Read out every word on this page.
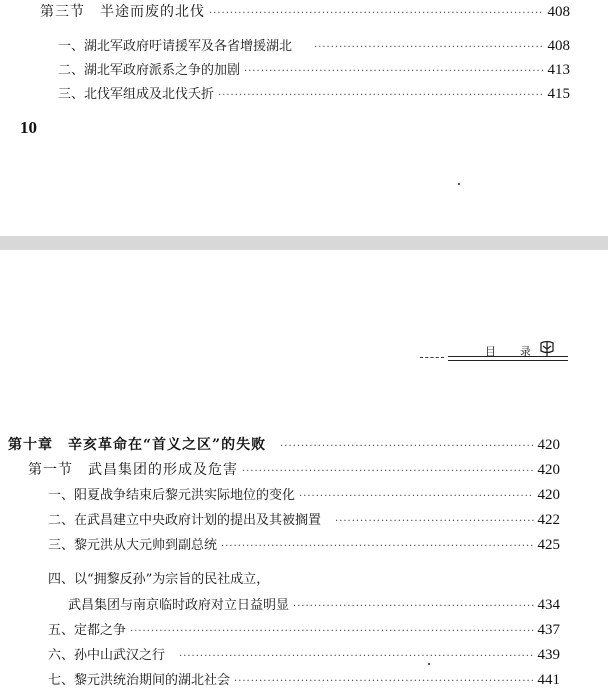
第三节　半途而废的北伐 ·····	408
一、湖北军政府吁请援军及各省增援湖北 ·····	408
二、湖北军政府派系之争的加剧 ·····	413
三、北伐军组成及北伐夭折 ·····	415
10
目 录
第十章　辛亥革命在“首义之区”的失败 ·····	420
第一节　武昌集团的形成及危害 ·····	420
一、阳夏战争结束后黎元洪实际地位的变化 ·····	420
二、在武昌建立中央政府计划的提出及其被搁置 ·····	422
三、黎元洪从大元帅到副总统 ·····	425
四、以“拥黎反孙”为宗旨的民社成立，
武昌集团与南京临时政府对立日益明显 ·····	434
五、定都之争 ·····	437
六、孙中山武汉之行 ·····	439
七、黎元洪统治期间的湖北社会 ·····	441
